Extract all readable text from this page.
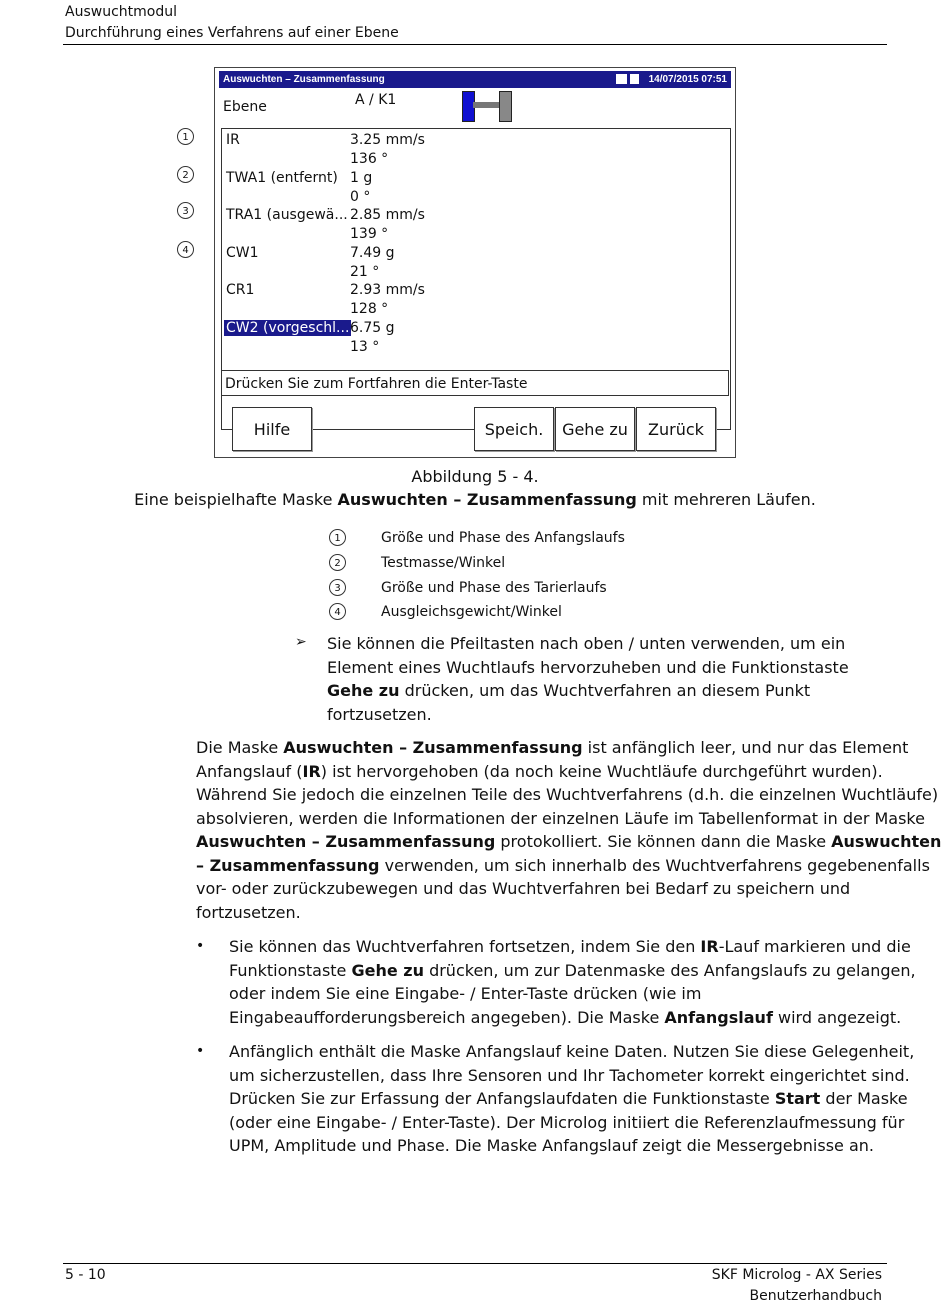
Auswuchtmodul
Durchführung eines Verfahrens auf einer Ebene
Auswuchten – Zusammenfassung	14/07/2015 07:51
Ebene	A / K1
IR	3.25 mm/s
136 °
TWA1 (entfernt) 1 g
0 °
TRA1 (ausgewä... 2.85 mm/s
139 °
CW1	7.49 g
21 °
CR1	2.93 mm/s
128 °
CW2 (vorgeschl... 6.75 g
13 °
Drücken Sie zum Fortfahren die Enter-Taste
Hilfe	Speich.	Gehe zu	Zurück
1
2
3
4
Abbildung 5 - 4.
Eine beispielhafte Maske Auswuchten – Zusammenfassung mit mehreren Läufen.
1	Größe und Phase des Anfangslaufs
2	Testmasse/Winkel
3	Größe und Phase des Tarierlaufs
4	Ausgleichsgewicht/Winkel
➢ Sie können die Pfeiltasten nach oben / unten verwenden, um ein
Element eines Wuchtlaufs hervorzuheben und die Funktionstaste
Gehe zu drücken, um das Wuchtverfahren an diesem Punkt
fortzusetzen.
Die Maske Auswuchten – Zusammenfassung ist anfänglich leer, und nur das Element
Anfangslauf (IR) ist hervorgehoben (da noch keine Wuchtläufe durchgeführt wurden).
Während Sie jedoch die einzelnen Teile des Wuchtverfahrens (d.h. die einzelnen Wuchtläufe)
absolvieren, werden die Informationen der einzelnen Läufe im Tabellenformat in der Maske
Auswuchten – Zusammenfassung protokolliert. Sie können dann die Maske Auswuchten
– Zusammenfassung verwenden, um sich innerhalb des Wuchtverfahrens gegebenenfalls
vor- oder zurückzubewegen und das Wuchtverfahren bei Bedarf zu speichern und
fortzusetzen.
• Sie können das Wuchtverfahren fortsetzen, indem Sie den IR-Lauf markieren und die
Funktionstaste Gehe zu drücken, um zur Datenmaske des Anfangslaufs zu gelangen,
oder indem Sie eine Eingabe- / Enter-Taste drücken (wie im
Eingabeaufforderungsbereich angegeben). Die Maske Anfangslauf wird angezeigt.
• Anfänglich enthält die Maske Anfangslauf keine Daten. Nutzen Sie diese Gelegenheit,
um sicherzustellen, dass Ihre Sensoren und Ihr Tachometer korrekt eingerichtet sind.
Drücken Sie zur Erfassung der Anfangslaufdaten die Funktionstaste Start der Maske
(oder eine Eingabe- / Enter-Taste). Der Microlog initiiert die Referenzlaufmessung für
UPM, Amplitude und Phase. Die Maske Anfangslauf zeigt die Messergebnisse an.
5 - 10	SKF Microlog - AX Series
Benutzerhandbuch
